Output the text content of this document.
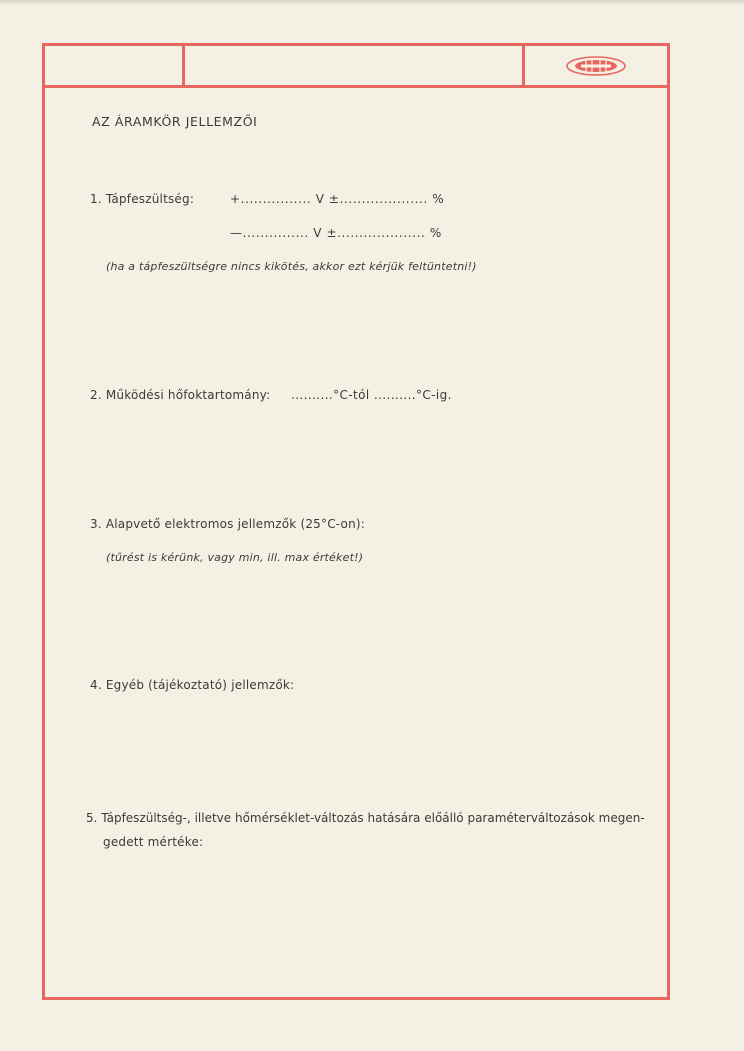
AZ ÁRAMKÖR JELLEMZŐI
1. Tápfeszültség:	+................ V ±.................... %
—............... V ±.................... %
(ha a tápfeszültségre nincs kikötés, akkor ezt kérjük feltüntetni!)
2. Működési hőfoktartomány: ..........°C-tól ..........°C-ig.
3. Alapvető elektromos jellemzők (25°C-on):
(tűrést is kérünk, vagy min, ill. max értéket!)
4. Egyéb (tájékoztató) jellemzők:
5. Tápfeszültség-, illetve hőmérséklet-változás hatására előálló paraméterváltozások megen-
gedett mértéke:
